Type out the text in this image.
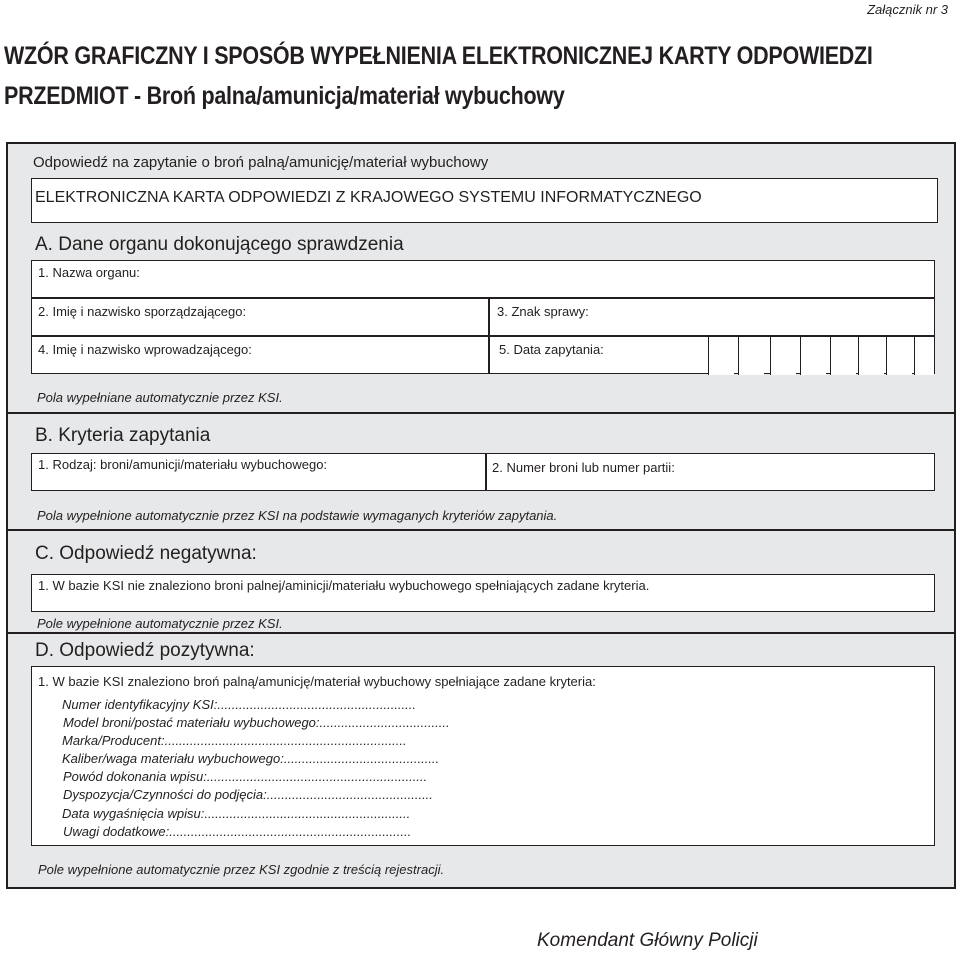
Załącznik nr 3
WZÓR GRAFICZNY I SPOSÓB WYPEŁNIENIA ELEKTRONICZNEJ KARTY ODPOWIEDZI
PRZEDMIOT - Broń palna/amunicja/materiał wybuchowy
Odpowiedź na zapytanie o broń palną/amunicję/materiał wybuchowy
ELEKTRONICZNA KARTA ODPOWIEDZI Z KRAJOWEGO SYSTEMU INFORMATYCZNEGO
A. Dane organu dokonującego sprawdzenia
1. Nazwa organu:
2. Imię i nazwisko sporządzającego:	3. Znak sprawy:
4. Imię i nazwisko wprowadzającego:	5. Data zapytania:
Pola wypełniane automatycznie przez KSI.
B. Kryteria zapytania
1. Rodzaj: broni/amunicji/materiału wybuchowego:	2. Numer broni lub numer partii:
Pola wypełnione automatycznie przez KSI na podstawie wymaganych kryteriów zapytania.
C. Odpowiedź negatywna:
1. W bazie KSI nie znaleziono broni palnej/aminicji/materiału wybuchowego spełniających zadane kryteria.
Pole wypełnione automatycznie przez KSI.
D. Odpowiedź pozytywna:
1. W bazie KSI znaleziono broń palną/amunicję/materiał wybuchowy spełniające zadane kryteria:
Numer identyfikacyjny KSI:.......................................................
Model broni/postać materiału wybuchowego:....................................
Marka/Producent:...................................................................
Kaliber/waga materiału wybuchowego:...........................................
Powód dokonania wpisu:.............................................................
Dyspozycja/Czynności do podjęcia:..............................................
Data wygaśnięcia wpisu:.........................................................
Uwagi dodatkowe:...................................................................
Pole wypełnione automatycznie przez KSI zgodnie z treścią rejestracji.
Komendant Główny Policji
